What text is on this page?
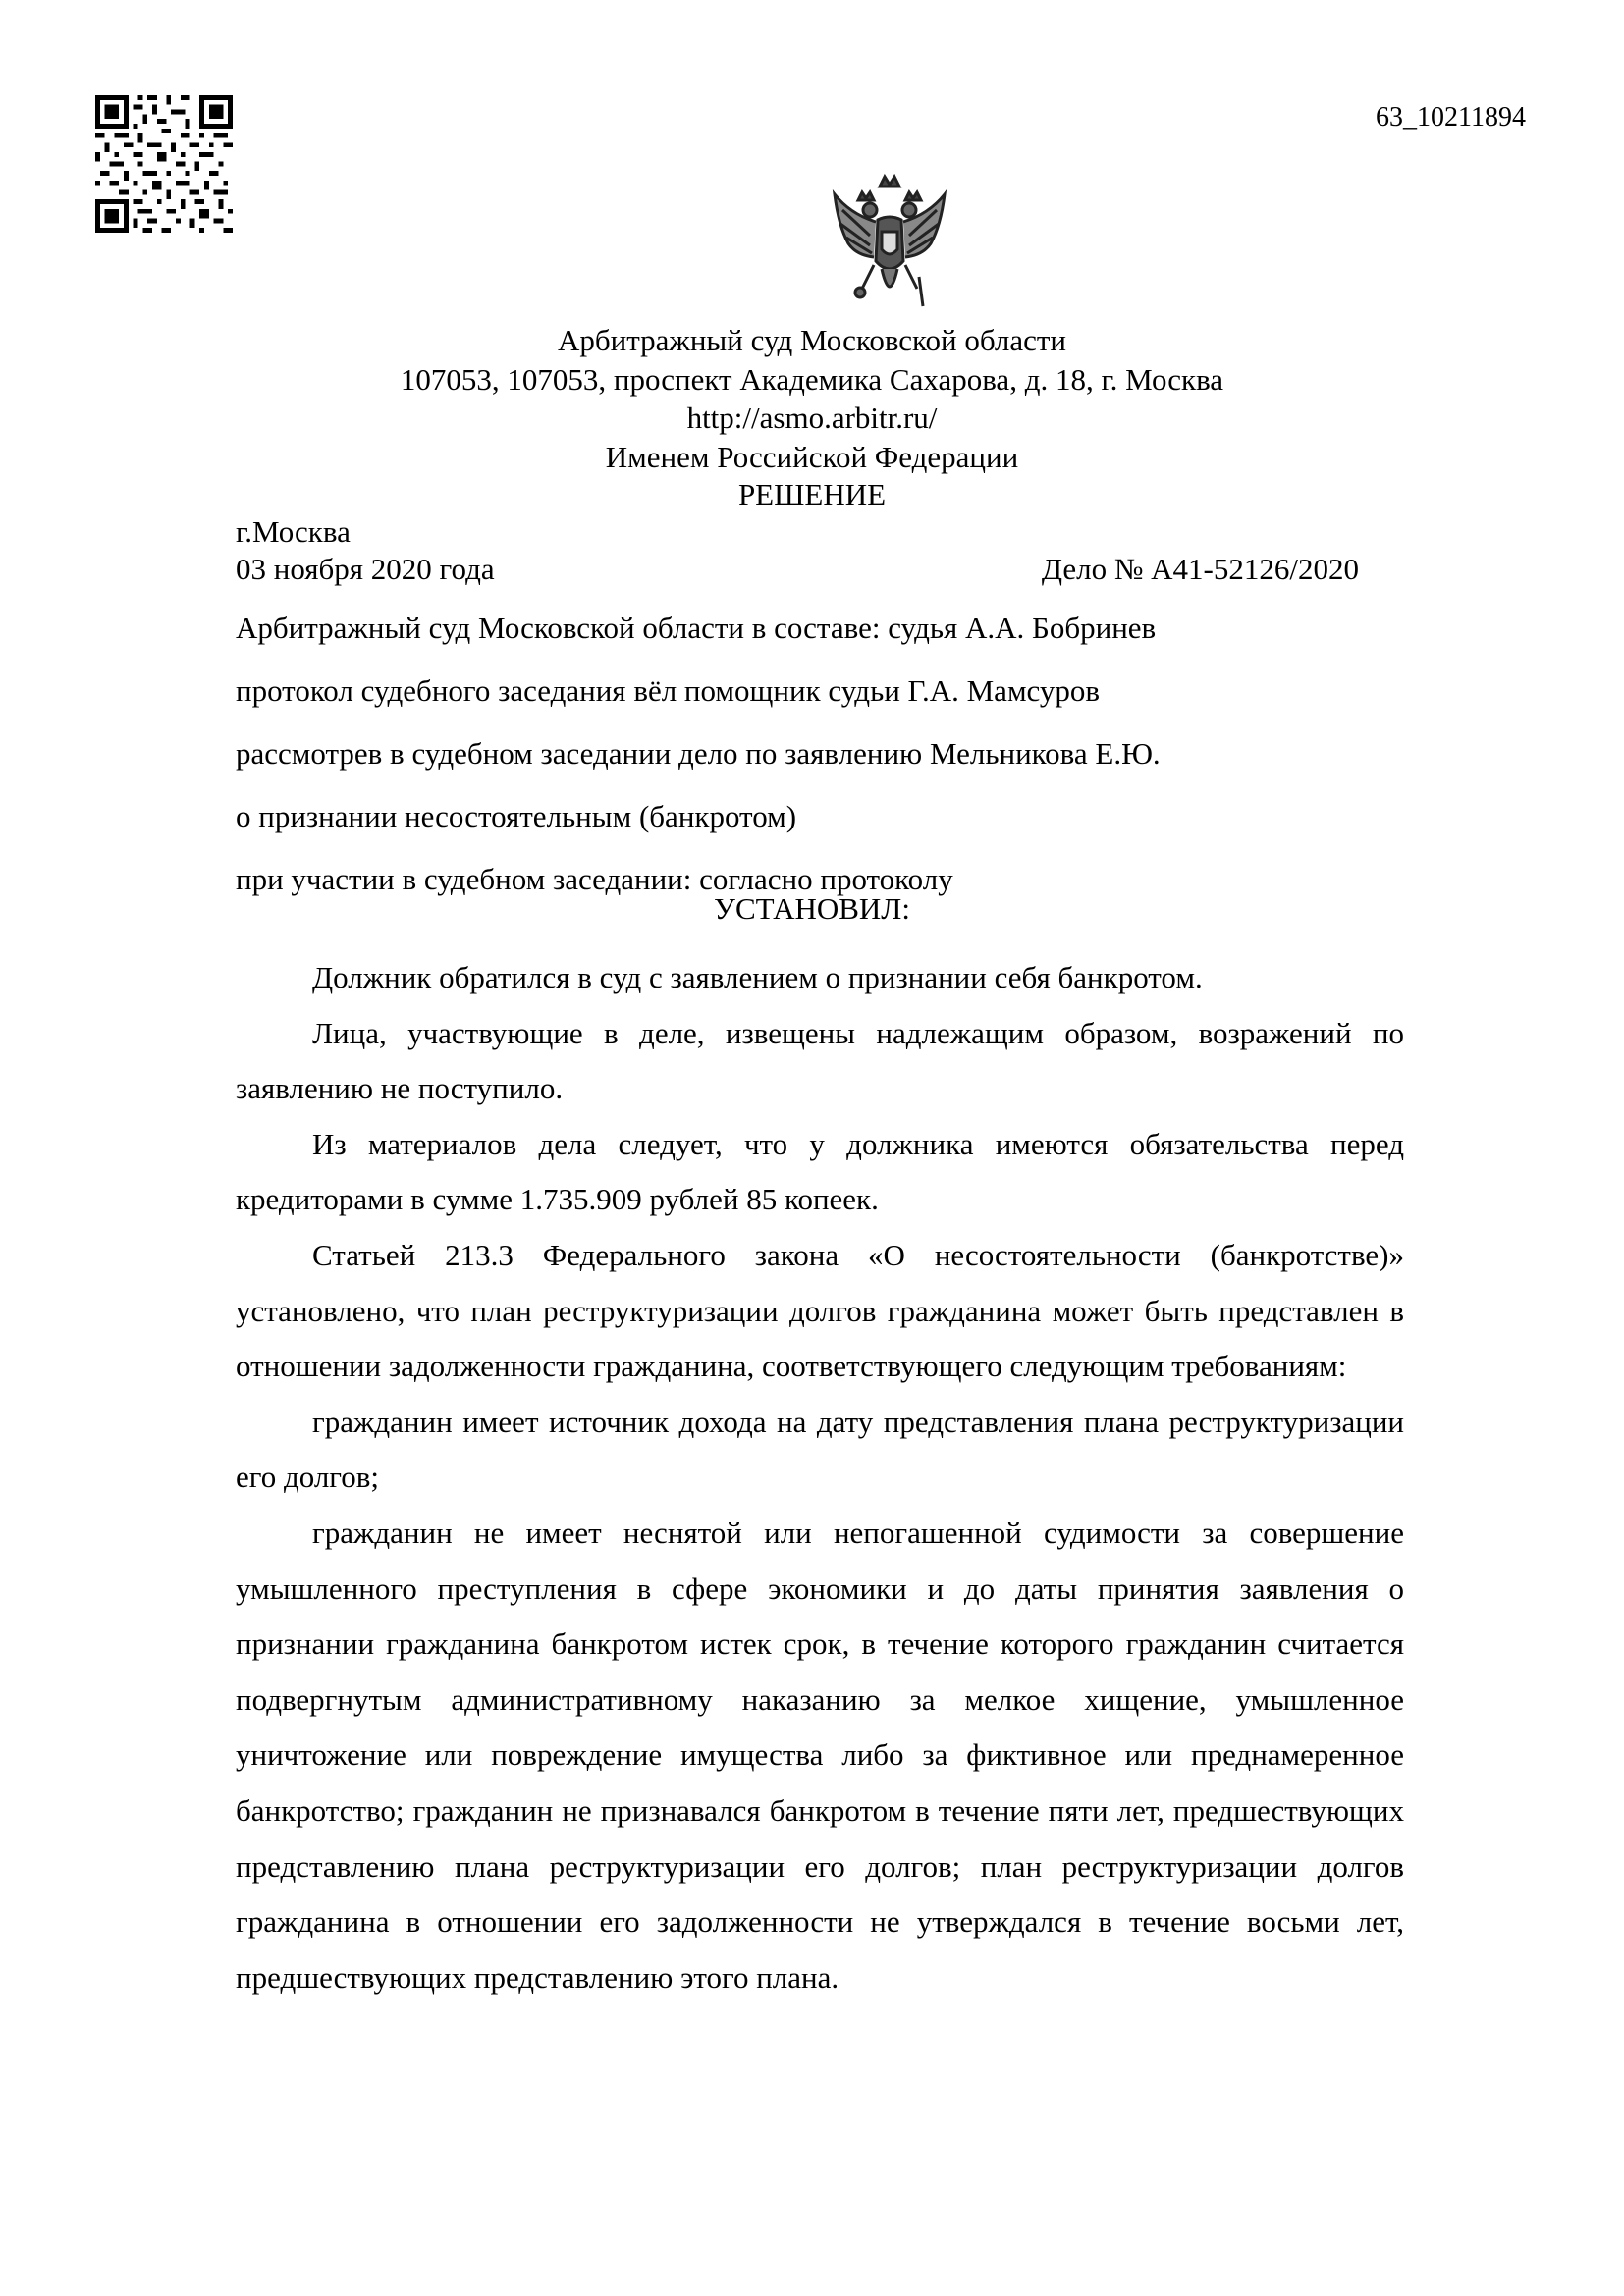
63_10211894
Арбитражный суд Московской области
107053, 107053, проспект Академика Сахарова, д. 18, г. Москва
http://asmo.arbitr.ru/
Именем Российской Федерации
РЕШЕНИЕ
г.Москва
03 ноября 2020 года	Дело № А41-52126/2020
Арбитражный суд Московской области в составе: судья А.А. Бобринев
протокол судебного заседания вёл помощник судьи Г.А. Мамсуров
рассмотрев в судебном заседании дело по заявлению Мельникова Е.Ю.
о признании несостоятельным (банкротом)
при участии в судебном заседании: согласно протоколу
УСТАНОВИЛ:

Должник обратился в суд с заявлением о признании себя банкротом.

Лица, участвующие в деле, извещены надлежащим образом, возражений по заявлению не поступило.

Из материалов дела следует, что у должника имеются обязательства перед кредиторами в сумме 1.735.909 рублей 85 копеек.

Статьей 213.3 Федерального закона «О несостоятельности (банкротстве)» установлено, что план реструктуризации долгов гражданина может быть представлен в отношении задолженности гражданина, соответствующего следующим требованиям:

гражданин имеет источник дохода на дату представления плана реструктуризации его долгов;

гражданин не имеет неснятой или непогашенной судимости за совершение умышленного преступления в сфере экономики и до даты принятия заявления о признании гражданина банкротом истек срок, в течение которого гражданин считается подвергнутым административному наказанию за мелкое хищение, умышленное уничтожение или повреждение имущества либо за фиктивное или преднамеренное банкротство; гражданин не признавался банкротом в течение пяти лет, предшествующих представлению плана реструктуризации его долгов; план реструктуризации долгов гражданина в отношении его задолженности не утверждался в течение восьми лет, предшествующих представлению этого плана.
